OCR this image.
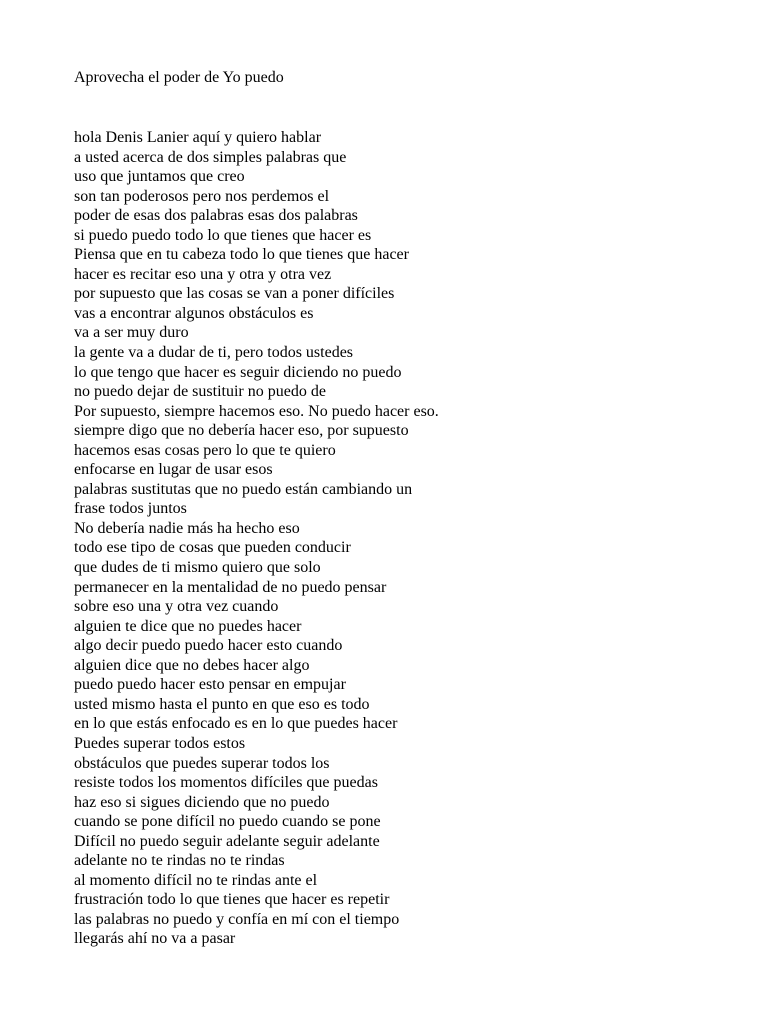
Aprovecha el poder de Yo puedo
hola Denis Lanier aquí y quiero hablar
a usted acerca de dos simples palabras que
uso que juntamos que creo
son tan poderosos pero nos perdemos el
poder de esas dos palabras esas dos palabras
si puedo puedo todo lo que tienes que hacer es
Piensa que en tu cabeza todo lo que tienes que hacer
hacer es recitar eso una y otra y otra vez
por supuesto que las cosas se van a poner difíciles
vas a encontrar algunos obstáculos es
va a ser muy duro
la gente va a dudar de ti, pero todos ustedes
lo que tengo que hacer es seguir diciendo no puedo
no puedo dejar de sustituir no puedo de
Por supuesto, siempre hacemos eso. No puedo hacer eso.
siempre digo que no debería hacer eso, por supuesto
hacemos esas cosas pero lo que te quiero
enfocarse en lugar de usar esos
palabras sustitutas que no puedo están cambiando un
frase todos juntos
No debería nadie más ha hecho eso
todo ese tipo de cosas que pueden conducir
que dudes de ti mismo quiero que solo
permanecer en la mentalidad de no puedo pensar
sobre eso una y otra vez cuando
alguien te dice que no puedes hacer
algo decir puedo puedo hacer esto cuando
alguien dice que no debes hacer algo
puedo puedo hacer esto pensar en empujar
usted mismo hasta el punto en que eso es todo
en lo que estás enfocado es en lo que puedes hacer
Puedes superar todos estos
obstáculos que puedes superar todos los
resiste todos los momentos difíciles que puedas
haz eso si sigues diciendo que no puedo
cuando se pone difícil no puedo cuando se pone
Difícil no puedo seguir adelante seguir adelante
adelante no te rindas no te rindas
al momento difícil no te rindas ante el
frustración todo lo que tienes que hacer es repetir
las palabras no puedo y confía en mí con el tiempo
llegarás ahí no va a pasar
